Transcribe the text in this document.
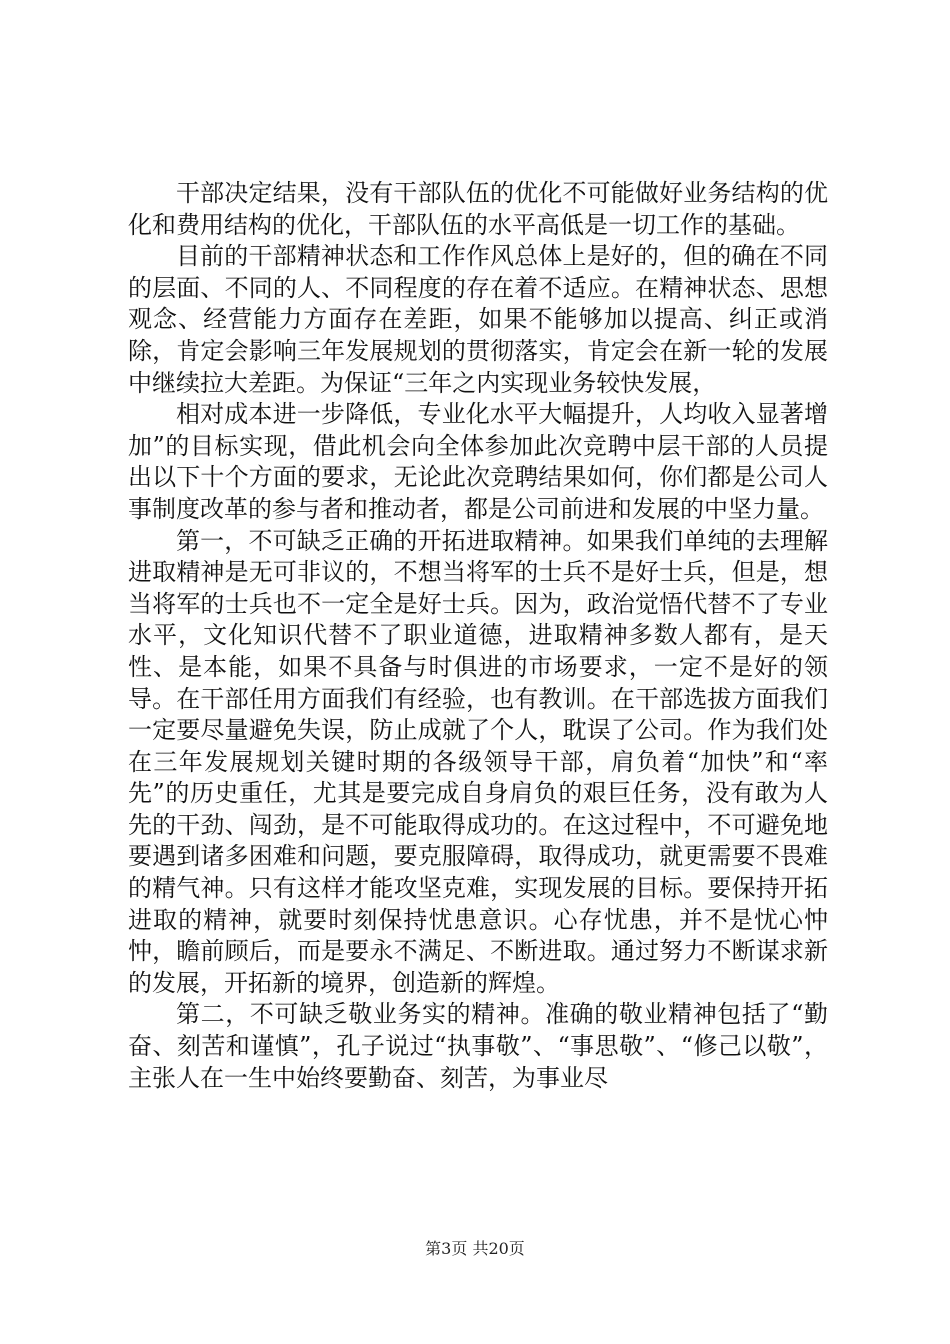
干部决定结果，没有干部队伍的优化不可能做好业务结构的优化和费用结构的优化，干部队伍的水平高低是一切工作的基础。

目前的干部精神状态和工作作风总体上是好的，但的确在不同的层面、不同的人、不同程度的存在着不适应。在精神状态、思想观念、经营能力方面存在差距，如果不能够加以提高、纠正或消除，肯定会影响三年发展规划的贯彻落实，肯定会在新一轮的发展中继续拉大差距。为保证“三年之内实现业务较快发展，

相对成本进一步降低，专业化水平大幅提升，人均收入显著增加”的目标实现，借此机会向全体参加此次竞聘中层干部的人员提出以下十个方面的要求，无论此次竞聘结果如何，你们都是公司人事制度改革的参与者和推动者，都是公司前进和发展的中坚力量。

第一，不可缺乏正确的开拓进取精神。如果我们单纯的去理解进取精神是无可非议的，不想当将军的士兵不是好士兵，但是，想当将军的士兵也不一定全是好士兵。因为，政治觉悟代替不了专业水平，文化知识代替不了职业道德，进取精神多数人都有，是天性、是本能，如果不具备与时俱进的市场要求，一定不是好的领导。在干部任用方面我们有经验，也有教训。在干部选拔方面我们一定要尽量避免失误，防止成就了个人，耽误了公司。作为我们处在三年发展规划关键时期的各级领导干部，肩负着“加快”和“率先”的历史重任，尤其是要完成自身肩负的艰巨任务，没有敢为人先的干劲、闯劲，是不可能取得成功的。在这过程中，不可避免地要遇到诸多困难和问题，要克服障碍，取得成功，就更需要不畏难的精气神。只有这样才能攻坚克难，实现发展的目标。要保持开拓进取的精神，就要时刻保持忧患意识。心存忧患，并不是忧心忡忡，瞻前顾后，而是要永不满足、不断进取。通过努力不断谋求新的发展，开拓新的境界，创造新的辉煌。

第二，不可缺乏敬业务实的精神。准确的敬业精神包括了“勤奋、刻苦和谨慎”，孔子说过“执事敬”、“事思敬”、“修己以敬”，主张人在一生中始终要勤奋、刻苦，为事业尽

第3页 共20页
